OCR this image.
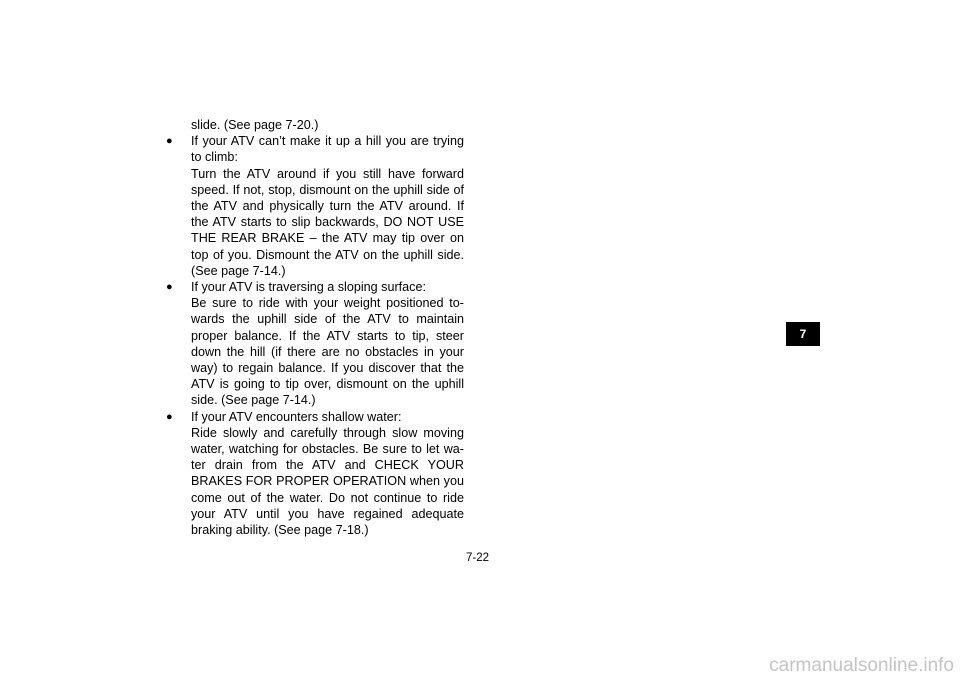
slide. (See page 7-20.)

●	If your ATV can’t make it up a hill you are trying to climb:

Turn the ATV around if you still have forward speed. If not, stop, dismount on the uphill side of the ATV and physically turn the ATV around. If the ATV starts to slip backwards, DO NOT USE THE REAR BRAKE – the ATV may tip over on top of you. Dismount the ATV on the uphill side. (See page 7-14.)

●	If your ATV is traversing a sloping surface:

Be sure to ride with your weight positioned to-wards the uphill side of the ATV to maintain proper balance. If the ATV starts to tip, steer down the hill (if there are no obstacles in your way) to regain balance. If you discover that the ATV is going to tip over, dismount on the uphill side. (See page 7-14.)

●	If your ATV encounters shallow water:

Ride slowly and carefully through slow moving water, watching for obstacles. Be sure to let wa-ter drain from the ATV and CHECK YOUR BRAKES FOR PROPER OPERATION when you come out of the water. Do not continue to ride your ATV until you have regained adequate braking ability. (See page 7-18.)

7-22
7
carmanualsonline.info
